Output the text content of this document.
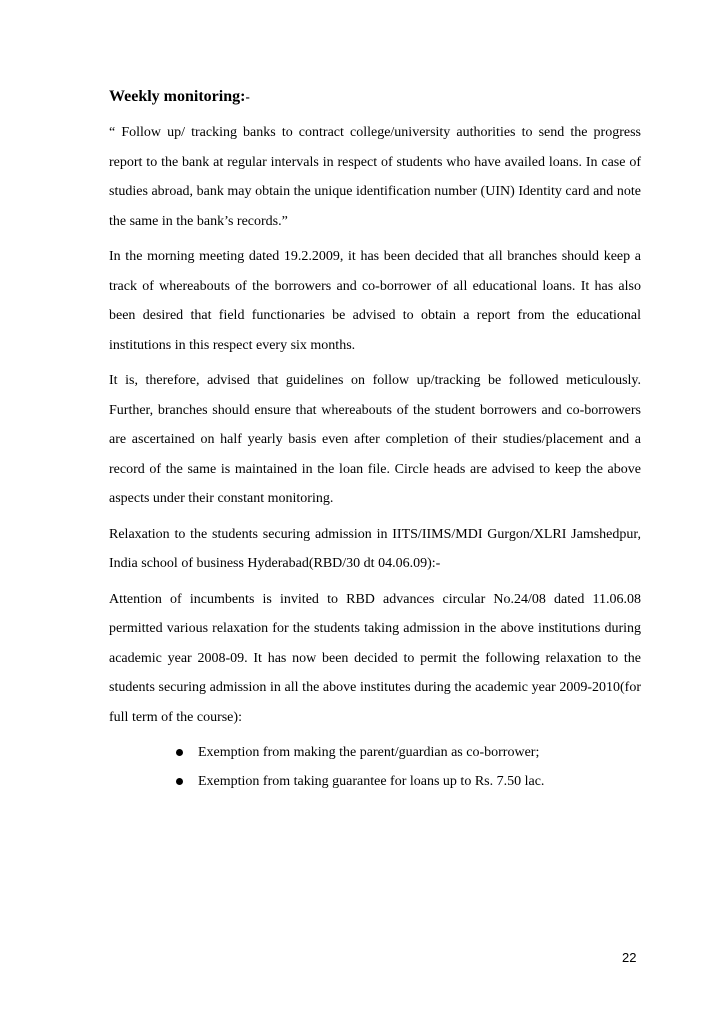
Weekly monitoring:-

“ Follow up/ tracking banks to contract college/university authorities to send the progress report to the bank at regular intervals in respect of students who have availed loans. In case of studies abroad, bank may obtain the unique identification number (UIN) Identity card and note the same in the bank’s records.”

In the morning meeting dated 19.2.2009, it has been decided that all branches should keep a track of whereabouts of the borrowers and co-borrower of all educational loans. It has also been desired that field functionaries be advised to obtain a report from the educational institutions in this respect every six months.

It is, therefore, advised that guidelines on follow up/tracking be followed meticulously. Further, branches should ensure that whereabouts of the student borrowers and co-borrowers are ascertained on half yearly basis even after completion of their studies/placement and a record of the same is maintained in the loan file. Circle heads are advised to keep the above aspects under their constant monitoring.

Relaxation to the students securing admission in IITS/IIMS/MDI Gurgon/XLRI Jamshedpur, India school of business Hyderabad(RBD/30 dt 04.06.09):-

Attention of incumbents is invited to RBD advances circular No.24/08 dated 11.06.08 permitted various relaxation for the students taking admission in the above institutions during academic year 2008-09. It has now been decided to permit the following relaxation to the students securing admission in all the above institutes during the academic year 2009-2010(for full term of the course):

Exemption from making the parent/guardian as co-borrower;
Exemption from taking guarantee for loans up to Rs. 7.50 lac.
22
